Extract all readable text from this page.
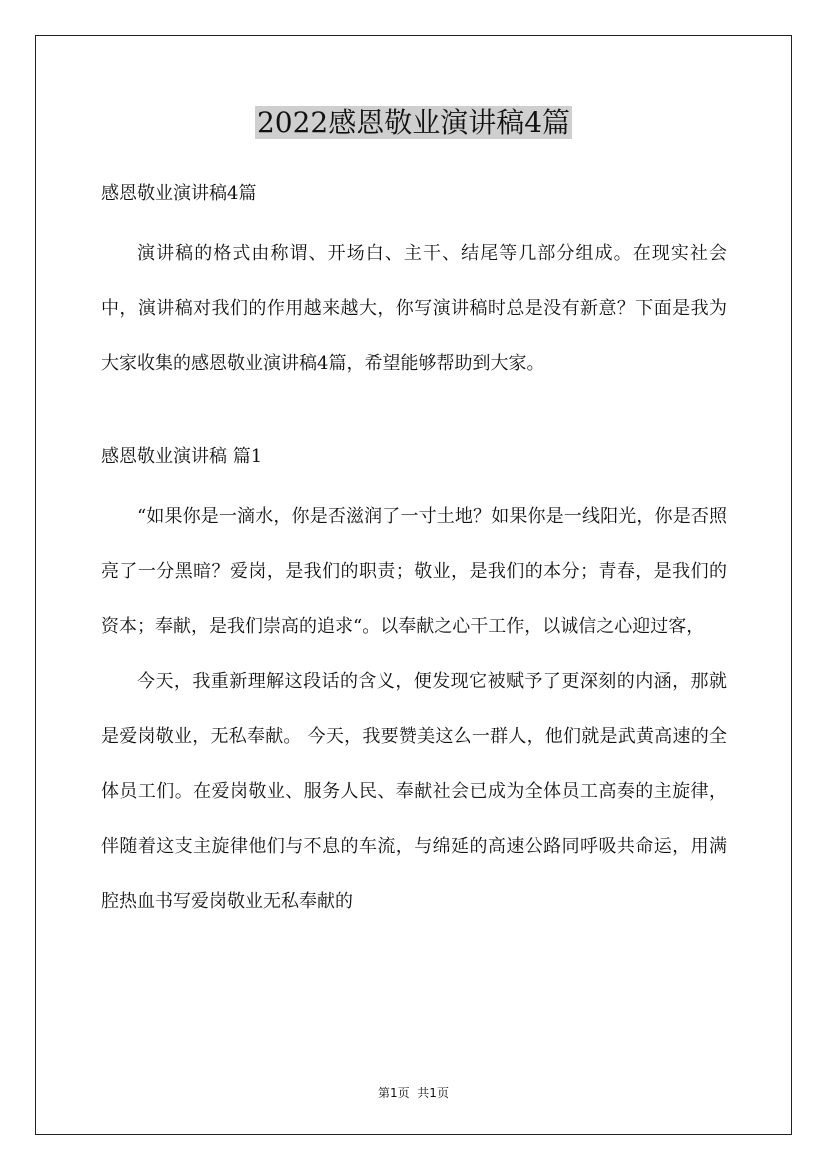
2022感恩敬业演讲稿4篇

感恩敬业演讲稿4篇

演讲稿的格式由称谓、开场白、主干、结尾等几部分组成。在现实社会中，演讲稿对我们的作用越来越大，你写演讲稿时总是没有新意？下面是我为大家收集的感恩敬业演讲稿4篇，希望能够帮助到大家。

感恩敬业演讲稿 篇1

“如果你是一滴水，你是否滋润了一寸土地？如果你是一线阳光，你是否照亮了一分黑暗？爱岗，是我们的职责；敬业，是我们的本分；青春，是我们的资本；奉献，是我们崇高的追求“。以奉献之心干工作，以诚信之心迎过客，

今天，我重新理解这段话的含义，便发现它被赋予了更深刻的内涵，那就是爱岗敬业，无私奉献。 今天，我要赞美这么一群人，他们就是武黄高速的全体员工们。在爱岗敬业、服务人民、奉献社会已成为全体员工高奏的主旋律，伴随着这支主旋律他们与不息的车流，与绵延的高速公路同呼吸共命运，用满腔热血书写爱岗敬业无私奉献的

第1页  共1页
